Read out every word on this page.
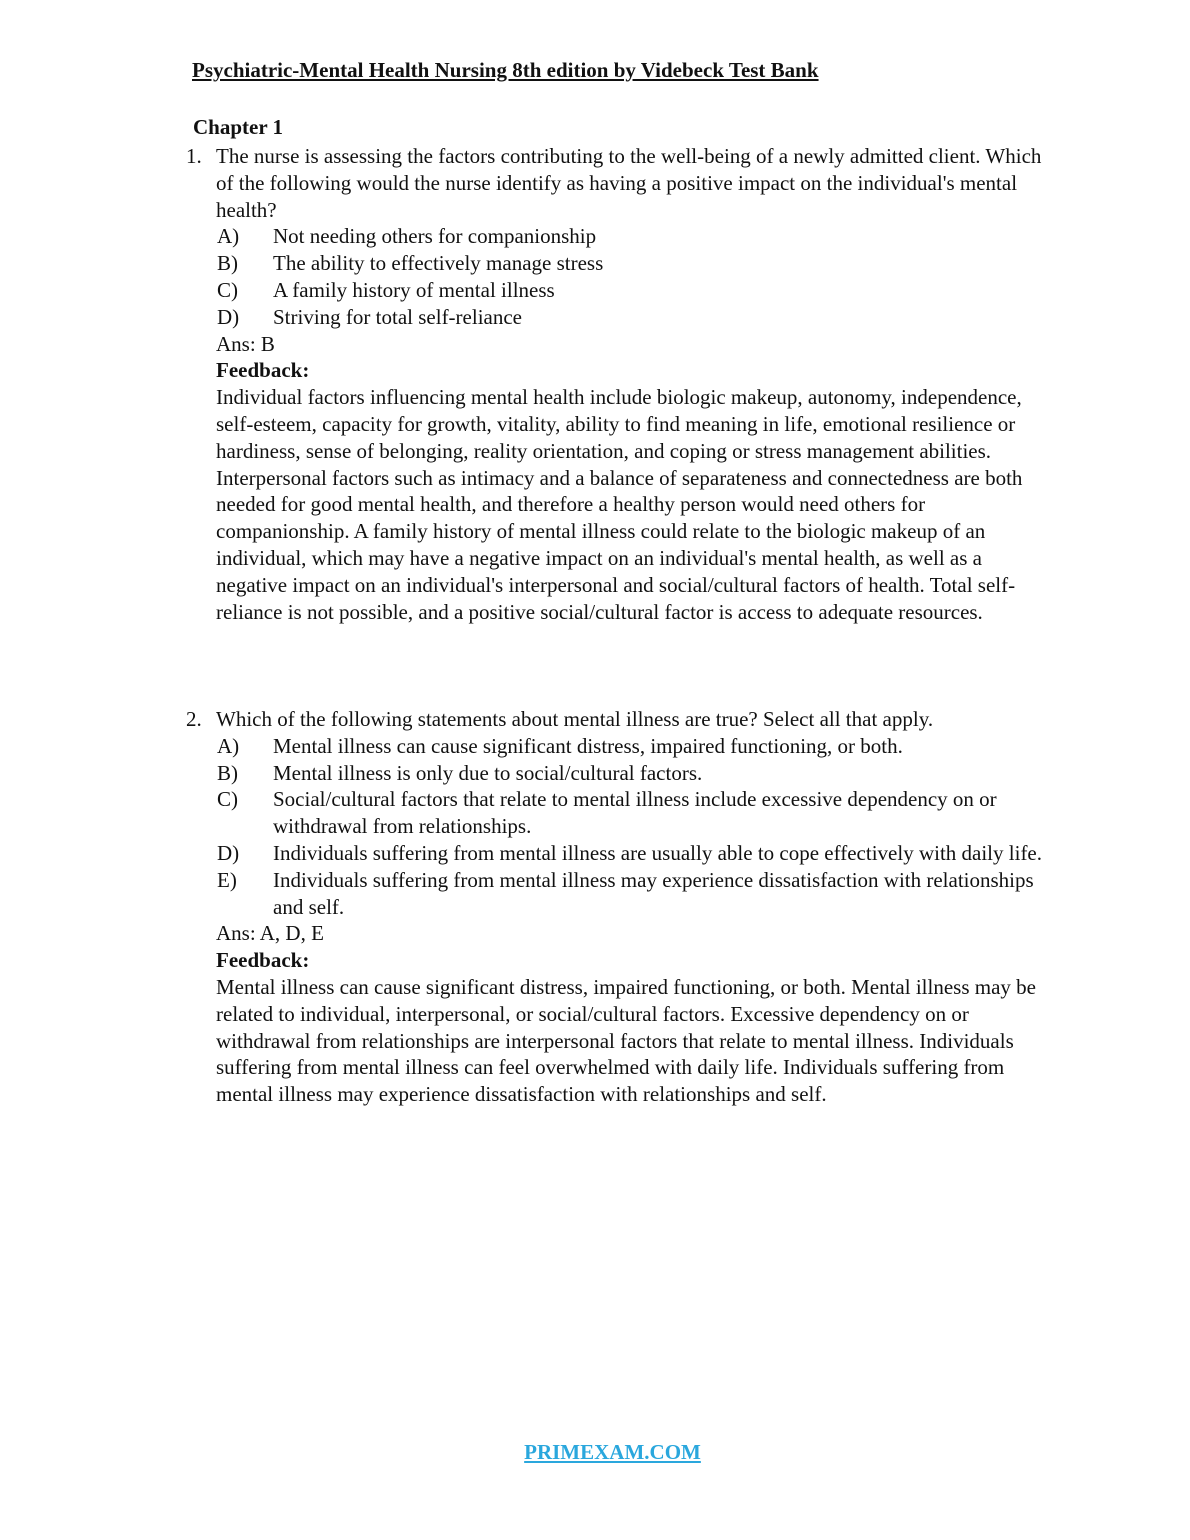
Psychiatric-Mental Health Nursing 8th edition by Videbeck Test Bank
Chapter 1
1. The nurse is assessing the factors contributing to the well-being of a newly admitted client. Which of the following would the nurse identify as having a positive impact on the individual's mental health?
A) Not needing others for companionship
B) The ability to effectively manage stress
C) A family history of mental illness
D) Striving for total self-reliance
Ans: B
Feedback:
Individual factors influencing mental health include biologic makeup, autonomy, independence, self-esteem, capacity for growth, vitality, ability to find meaning in life, emotional resilience or hardiness, sense of belonging, reality orientation, and coping or stress management abilities. Interpersonal factors such as intimacy and a balance of separateness and connectedness are both needed for good mental health, and therefore a healthy person would need others for companionship. A family history of mental illness could relate to the biologic makeup of an individual, which may have a negative impact on an individual's mental health, as well as a negative impact on an individual's interpersonal and social/cultural factors of health. Total self-reliance is not possible, and a positive social/cultural factor is access to adequate resources.
2. Which of the following statements about mental illness are true? Select all that apply.
A) Mental illness can cause significant distress, impaired functioning, or both.
B) Mental illness is only due to social/cultural factors.
C) Social/cultural factors that relate to mental illness include excessive dependency on or withdrawal from relationships.
D) Individuals suffering from mental illness are usually able to cope effectively with daily life.
E) Individuals suffering from mental illness may experience dissatisfaction with relationships and self.
Ans: A, D, E
Feedback:
Mental illness can cause significant distress, impaired functioning, or both. Mental illness may be related to individual, interpersonal, or social/cultural factors. Excessive dependency on or withdrawal from relationships are interpersonal factors that relate to mental illness. Individuals suffering from mental illness can feel overwhelmed with daily life. Individuals suffering from mental illness may experience dissatisfaction with relationships and self.
PRIMEXAM.COM
